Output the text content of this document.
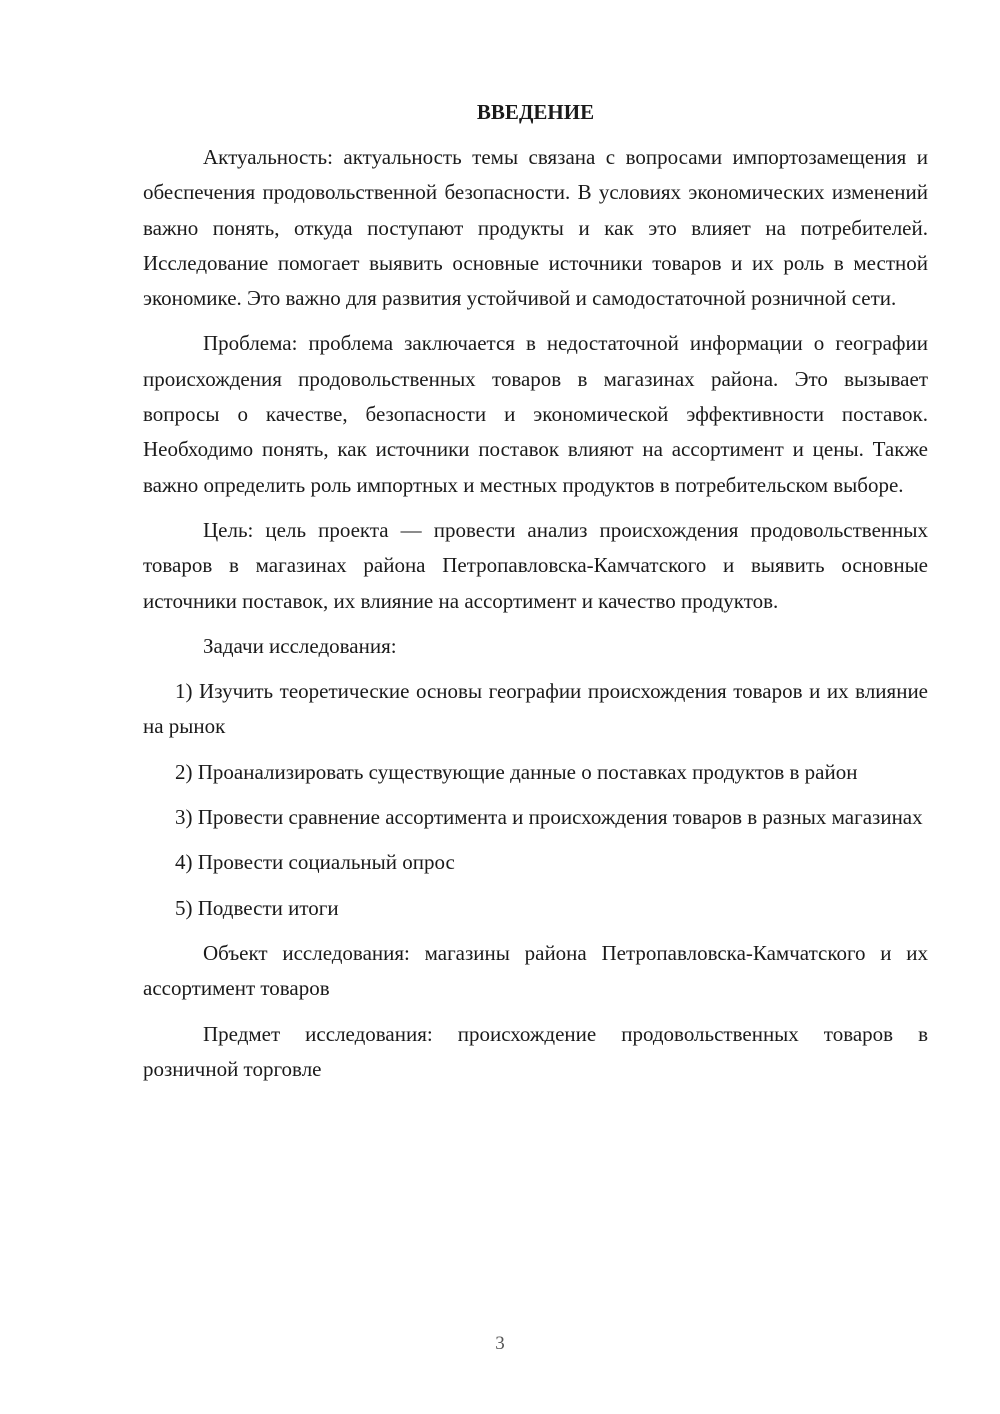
ВВЕДЕНИЕ

Актуальность: актуальность темы связана с вопросами импортозамещения и обеспечения продовольственной безопасности. В условиях экономических изменений важно понять, откуда поступают продукты и как это влияет на потребителей. Исследование помогает выявить основные источники товаров и их роль в местной экономике. Это важно для развития устойчивой и самодостаточной розничной сети.

Проблема: проблема заключается в недостаточной информации о географии происхождения продовольственных товаров в магазинах района. Это вызывает вопросы о качестве, безопасности и экономической эффективности поставок. Необходимо понять, как источники поставок влияют на ассортимент и цены. Также важно определить роль импортных и местных продуктов в потребительском выборе.

Цель: цель проекта — провести анализ происхождения продовольственных товаров в магазинах района Петропавловска-Камчатского и выявить основные источники поставок, их влияние на ассортимент и качество продуктов.

Задачи исследования:

1) Изучить теоретические основы географии происхождения товаров и их влияние на рынок

2) Проанализировать существующие данные о поставках продуктов в район

3) Провести сравнение ассортимента и происхождения товаров в разных магазинах

4) Провести социальный опрос

5) Подвести итоги

Объект исследования: магазины района Петропавловска-Камчатского и их ассортимент товаров

Предмет исследования: происхождение продовольственных товаров в розничной торговле

3
